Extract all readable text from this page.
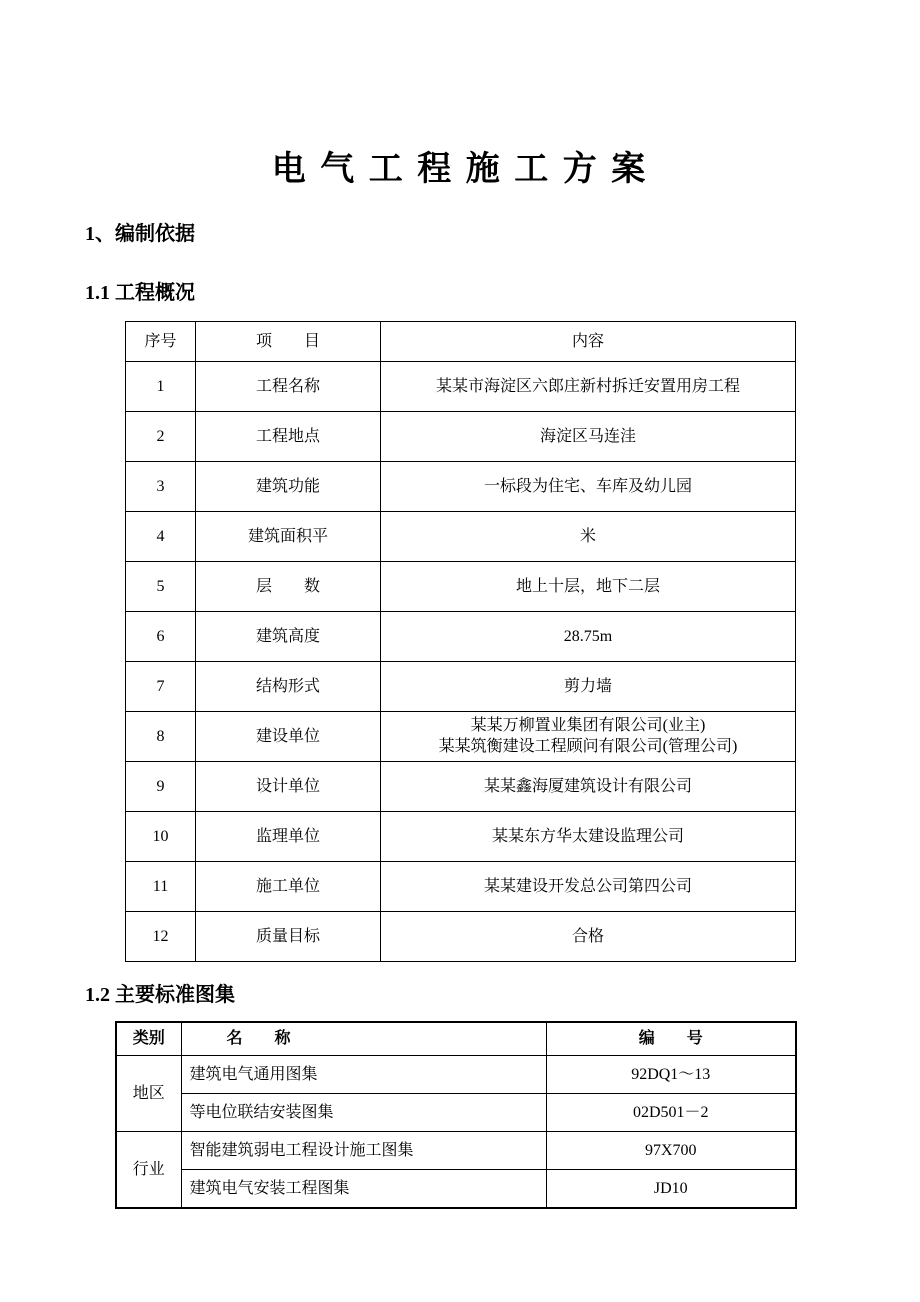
电 气 工 程 施 工 方 案
1、编制依据
1.1 工程概况
序号	项　　目	内容
1	工程名称	某某市海淀区六郎庄新村拆迁安置用房工程
2	工程地点	海淀区马连洼
3	建筑功能	一标段为住宅、车库及幼儿园
4	建筑面积平	米
5	层　　数	地上十层，地下二层
6	建筑高度	28.75m
7	结构形式	剪力墙
8	建设单位	某某万柳置业集团有限公司(业主)
某某筑衡建设工程顾问有限公司(管理公司)

9	设计单位	某某鑫海厦建筑设计有限公司
10	监理单位	某某东方华太建设监理公司
11	施工单位	某某建设开发总公司第四公司
12	质量目标	合格
1.2 主要标准图集
类别	名　　称	编　　号
地区	建筑电气通用图集	92DQ1～13
	等电位联结安装图集	02D501－2
行业	智能建筑弱电工程设计施工图集	97X700
	建筑电气安装工程图集	JD10
